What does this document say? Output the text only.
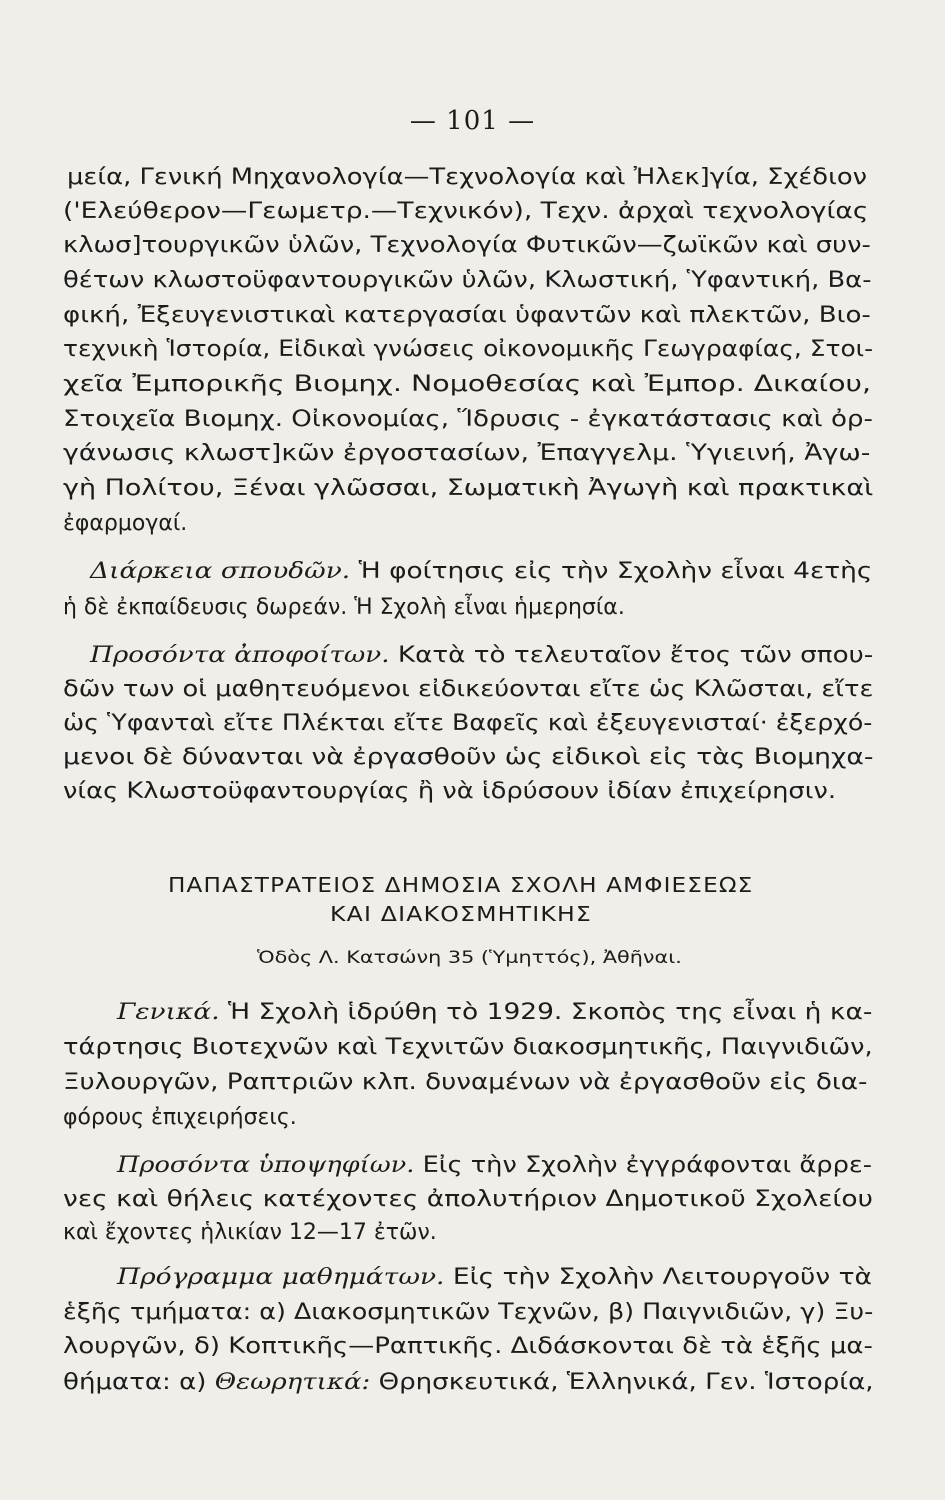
— 101 —
μεία, Γενική Μηχανολογία—Τεχνολογία καὶ Ἠλεκ]γία, Σχέδιον
('Ελεύθερον—Γεωμετρ.—Τεχνικόν), Τεχν. ἀρχαὶ τεχνολογίας
κλωσ]τουργικῶν ὑλῶν, Τεχνολογία Φυτικῶν—ζωϊκῶν καὶ συν-
θέτων κλωστοϋφαντουργικῶν ὑλῶν, Κλωστική, Ὑφαντική, Βα-
φική, Ἐξευγενιστικαὶ κατεργασίαι ὑφαντῶν καὶ πλεκτῶν, Βιο-
τεχνικὴ Ἱστορία, Εἰδικαὶ γνώσεις οἰκονομικῆς Γεωγραφίας, Στοι-
χεῖα Ἐμπορικῆς Βιομηχ. Νομοθεσίας καὶ Ἐμπορ. Δικαίου,
Στοιχεῖα Βιομηχ. Οἰκονομίας, Ἵδρυσις - ἐγκατάστασις καὶ ὀρ-
γάνωσις κλωστ]κῶν ἐργοστασίων, Ἐπαγγελμ. Ὑγιεινή, Ἀγω-
γὴ Πολίτου, Ξέναι γλῶσσαι, Σωματικὴ Ἀγωγὴ καὶ πρακτικαὶ
ἐφαρμογαί.
Διάρκεια σπουδῶν. Ἡ φοίτησις εἰς τὴν Σχολὴν εἶναι 4ετὴς
ἡ δὲ ἐκπαίδευσις δωρεάν. Ἡ Σχολὴ εἶναι ἡμερησία.
Προσόντα ἀποφοίτων. Κατὰ τὸ τελευταῖον ἔτος τῶν σπου-
δῶν των οἱ μαθητευόμενοι εἰδικεύονται εἴτε ὡς Κλῶσται, εἴτε
ὡς Ὑφανταὶ εἴτε Πλέκται εἴτε Βαφεῖς καὶ ἐξευγενισταί· ἐξερχό-
μενοι δὲ δύνανται νὰ ἐργασθοῦν ὡς εἰδικοὶ εἰς τὰς Βιομηχα-
νίας Κλωστοϋφαντουργίας ἢ νὰ ἱδρύσουν ἰδίαν ἐπιχείρησιν.
ΠΑΠΑΣΤΡΑΤΕΙΟΣ ΔΗΜΟΣΙΑ ΣΧΟΛΗ ΑΜΦΙΕΣΕΩΣ
ΚΑΙ ΔΙΑΚΟΣΜΗΤΙΚΗΣ
Ὁδὸς Λ. Κατσώνη 35 (Ὑμηττός), Ἀθῆναι.
Γενικά. Ἡ Σχολὴ ἱδρύθη τὸ 1929. Σκοπὸς της εἶναι ἡ κα-
τάρτησις Βιοτεχνῶν καὶ Τεχνιτῶν διακοσμητικῆς, Παιγνιδιῶν,
Ξυλουργῶν, Ραπτριῶν κλπ. δυναμένων νὰ ἐργασθοῦν εἰς δια-
φόρους ἐπιχειρήσεις.
Προσόντα ὑποψηφίων. Εἰς τὴν Σχολὴν ἐγγράφονται ἄρρε-
νες καὶ θήλεις κατέχοντες ἀπολυτήριον Δημοτικοῦ Σχολείου
καὶ ἔχοντες ἡλικίαν 12—17 ἐτῶν.
Πρόγραμμα μαθημάτων. Εἰς τὴν Σχολὴν Λειτουργοῦν τὰ
ἑξῆς τμήματα: α) Διακοσμητικῶν Τεχνῶν, β) Παιγνιδιῶν, γ) Ξυ-
λουργῶν, δ) Κοπτικῆς—Ραπτικῆς. Διδάσκονται δὲ τὰ ἑξῆς μα-
θήματα: α) Θεωρητικά: Θρησκευτικά, Ἑλληνικά, Γεν. Ἱστορία,
